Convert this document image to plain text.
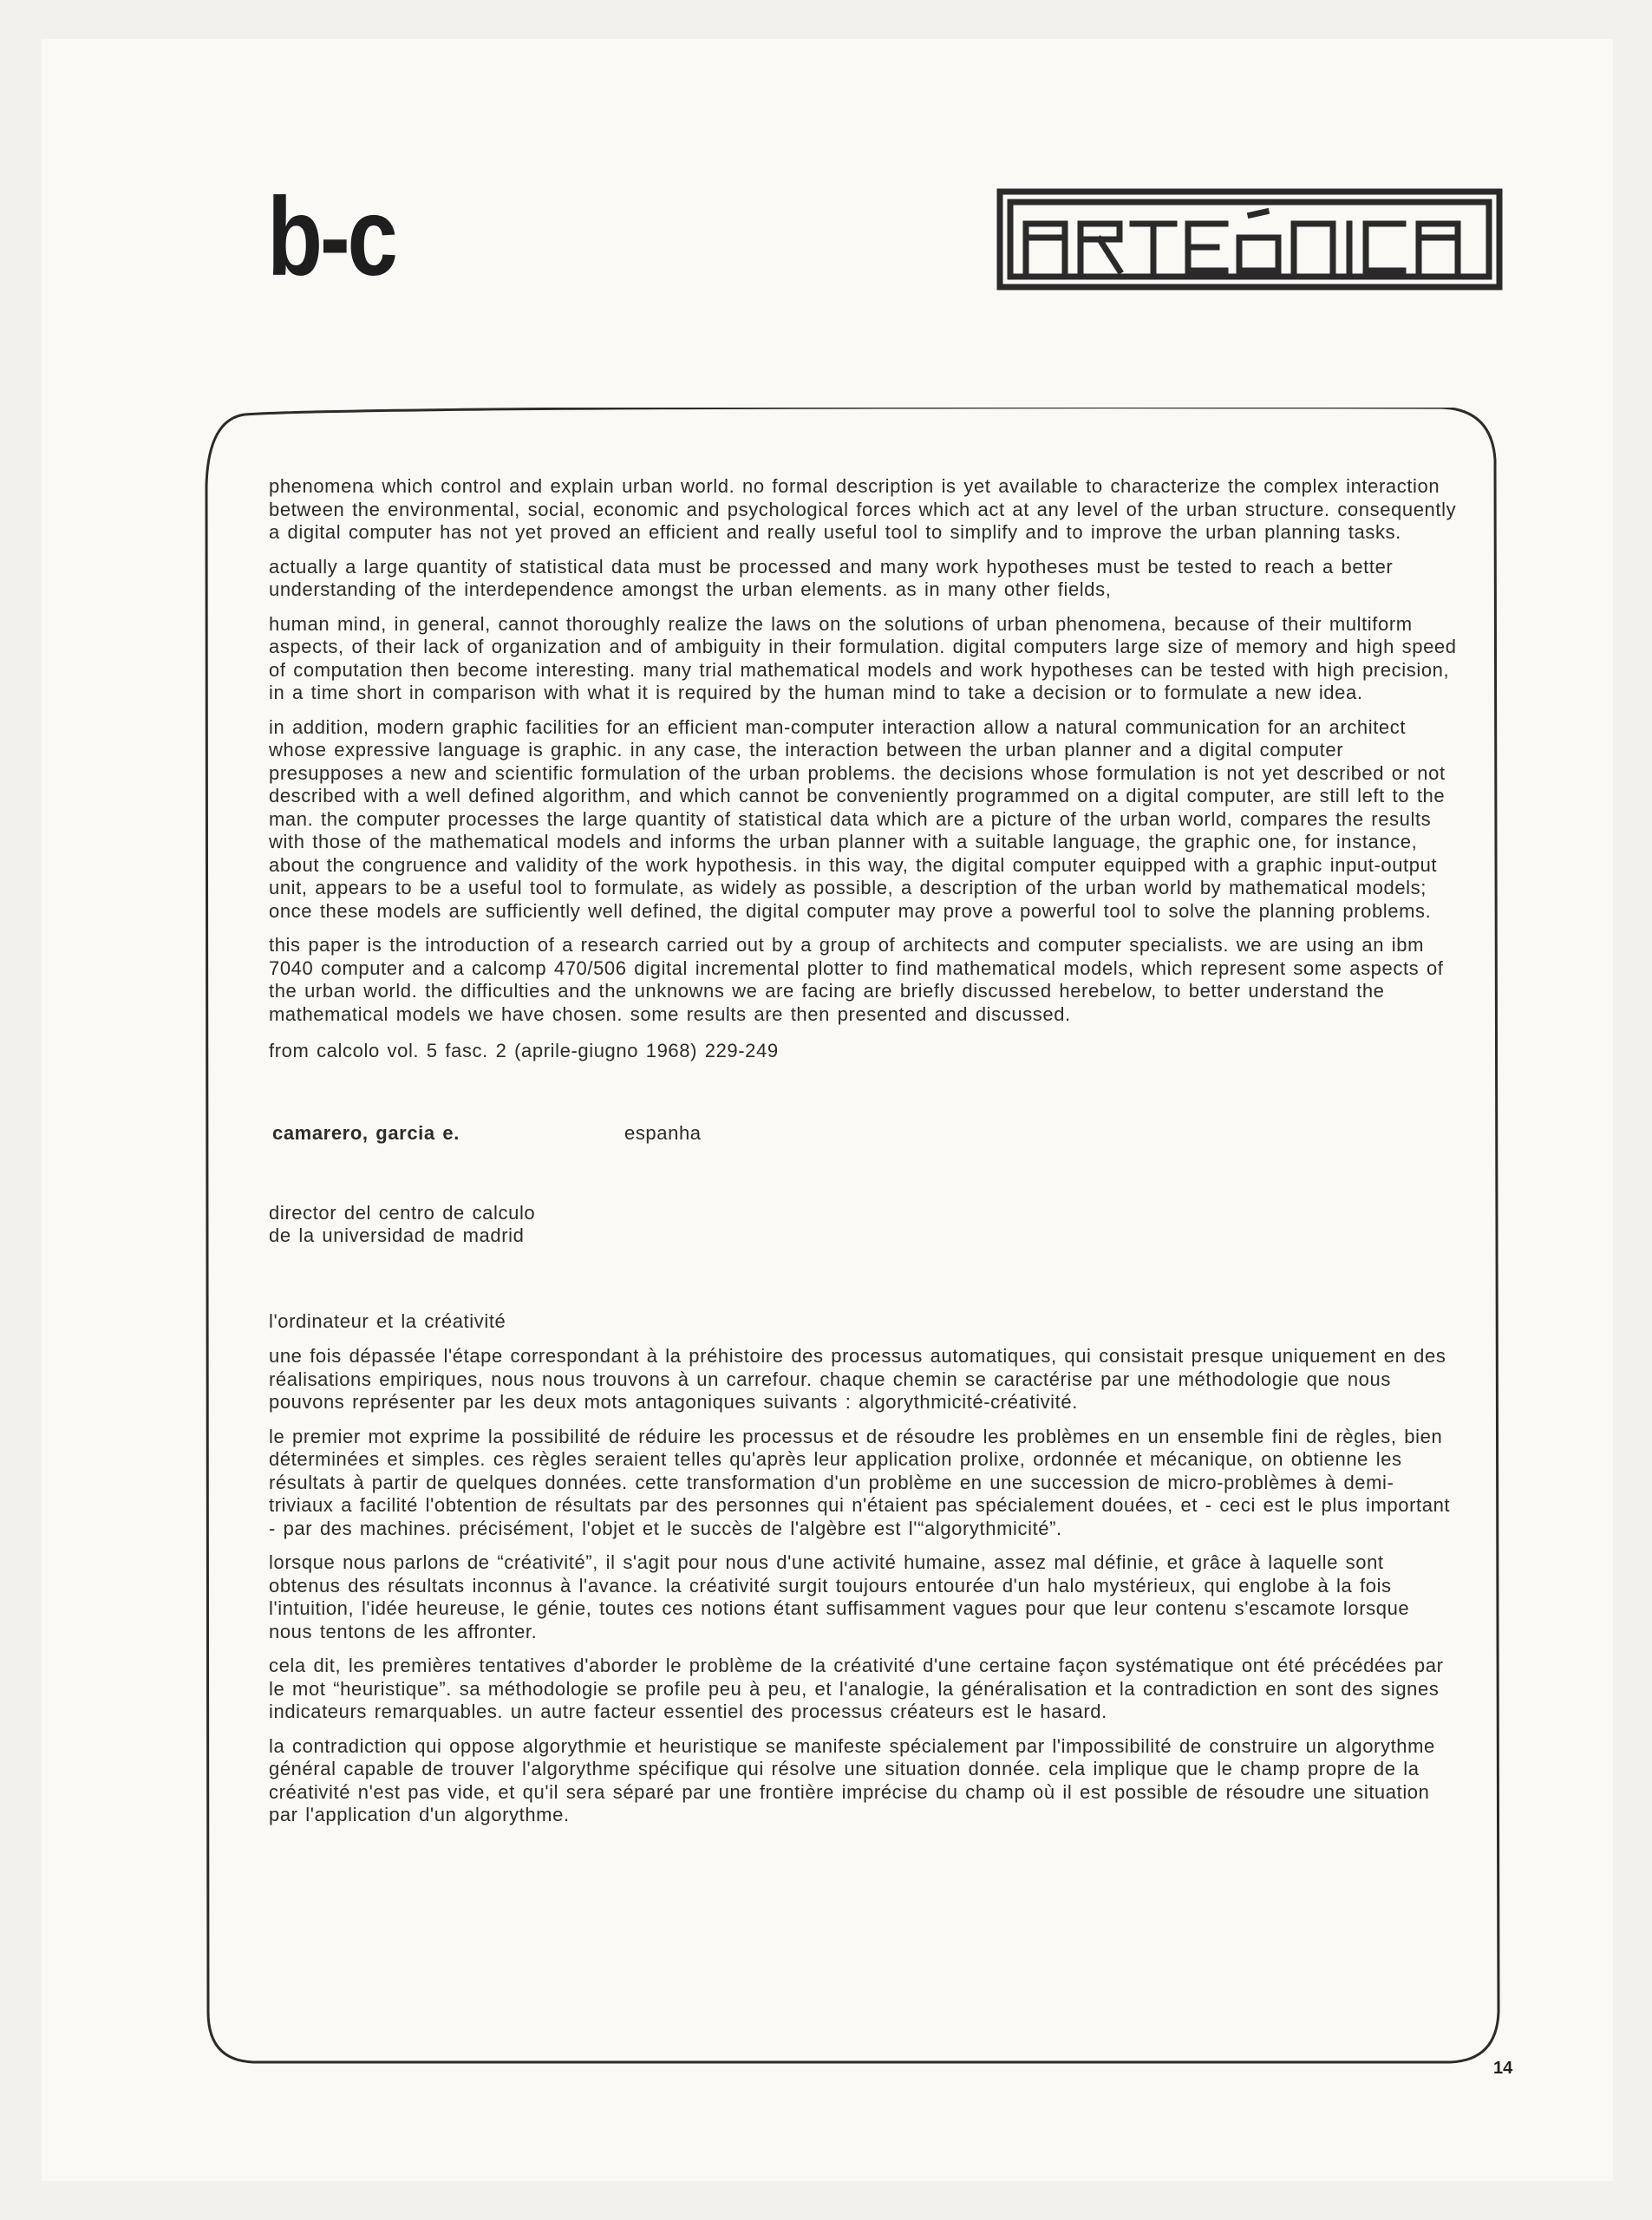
b-c

phenomena which control and explain urban world. no formal description is yet available to characterize the complex interaction between the environmental, social, economic and psychological forces which act at any level of the urban structure. consequently a digital computer has not yet proved an efficient and really useful tool to simplify and to improve the urban planning tasks.

actually a large quantity of statistical data must be processed and many work hypotheses must be tested to reach a better understanding of the interdependence amongst the urban elements. as in many other fields,

human mind, in general, cannot thoroughly realize the laws on the solutions of urban phenomena, because of their multiform aspects, of their lack of organization and of ambiguity in their formulation. digital computers large size of memory and high speed of computation then become interesting. many trial mathematical models and work hypotheses can be tested with high precision, in a time short in comparison with what it is required by the human mind to take a decision or to formulate a new idea.

in addition, modern graphic facilities for an efficient man-computer interaction allow a natural communication for an architect whose expressive language is graphic. in any case, the interaction between the urban planner and a digital computer presupposes a new and scientific formulation of the urban problems. the decisions whose formulation is not yet described or not described with a well defined algorithm, and which cannot be conveniently programmed on a digital computer, are still left to the man. the computer processes the large quantity of statistical data which are a picture of the urban world, compares the results with those of the mathematical models and informs the urban planner with a suitable language, the graphic one, for instance, about the congruence and validity of the work hypothesis. in this way, the digital computer equipped with a graphic input-output unit, appears to be a useful tool to formulate, as widely as possible, a description of the urban world by mathematical models; once these models are sufficiently well defined, the digital computer may prove a powerful tool to solve the planning problems.

this paper is the introduction of a research carried out by a group of architects and computer specialists. we are using an ibm 7040 computer and a calcomp 470/506 digital incremental plotter to find mathematical models, which represent some aspects of the urban world. the difficulties and the unknowns we are facing are briefly discussed herebelow, to better understand the mathematical models we have chosen. some results are then presented and discussed.

from calcolo vol. 5 fasc. 2 (aprile-giugno 1968) 229-249

camarero, garcia e.	espanha

director del centro de calculo
de la universidad de madrid

l'ordinateur et la créativité

une fois dépassée l'étape correspondant à la préhistoire des processus automatiques, qui consistait presque uniquement en des réalisations empiriques, nous nous trouvons à un carrefour. chaque chemin se caractérise par une méthodologie que nous pouvons représenter par les deux mots antagoniques suivants : algorythmicité-créativité.

le premier mot exprime la possibilité de réduire les processus et de résoudre les problèmes en un ensemble fini de règles, bien déterminées et simples. ces règles seraient telles qu'après leur application prolixe, ordonnée et mécanique, on obtienne les résultats à partir de quelques données. cette transformation d'un problème en une succession de micro-problèmes à demi-triviaux a facilité l'obtention de résultats par des personnes qui n'étaient pas spécialement douées, et - ceci est le plus important - par des machines. précisément, l'objet et le succès de l'algèbre est l'“algorythmicité”.

lorsque nous parlons de “créativité”, il s'agit pour nous d'une activité humaine, assez mal définie, et grâce à laquelle sont obtenus des résultats inconnus à l'avance. la créativité surgit toujours entourée d'un halo mystérieux, qui englobe à la fois l'intuition, l'idée heureuse, le génie, toutes ces notions étant suffisamment vagues pour que leur contenu s'escamote lorsque nous tentons de les affronter.

cela dit, les premières tentatives d'aborder le problème de la créativité d'une certaine façon systématique ont été précédées par le mot “heuristique”. sa méthodologie se profile peu à peu, et l'analogie, la généralisation et la contradiction en sont des signes indicateurs remarquables. un autre facteur essentiel des processus créateurs est le hasard.

la contradiction qui oppose algorythmie et heuristique se manifeste spécialement par l'impossibilité de construire un algorythme général capable de trouver l'algorythme spécifique qui résolve une situation donnée. cela implique que le champ propre de la créativité n'est pas vide, et qu'il sera séparé par une frontière imprécise du champ où il est possible de résoudre une situation par l'application d'un algorythme.

14
